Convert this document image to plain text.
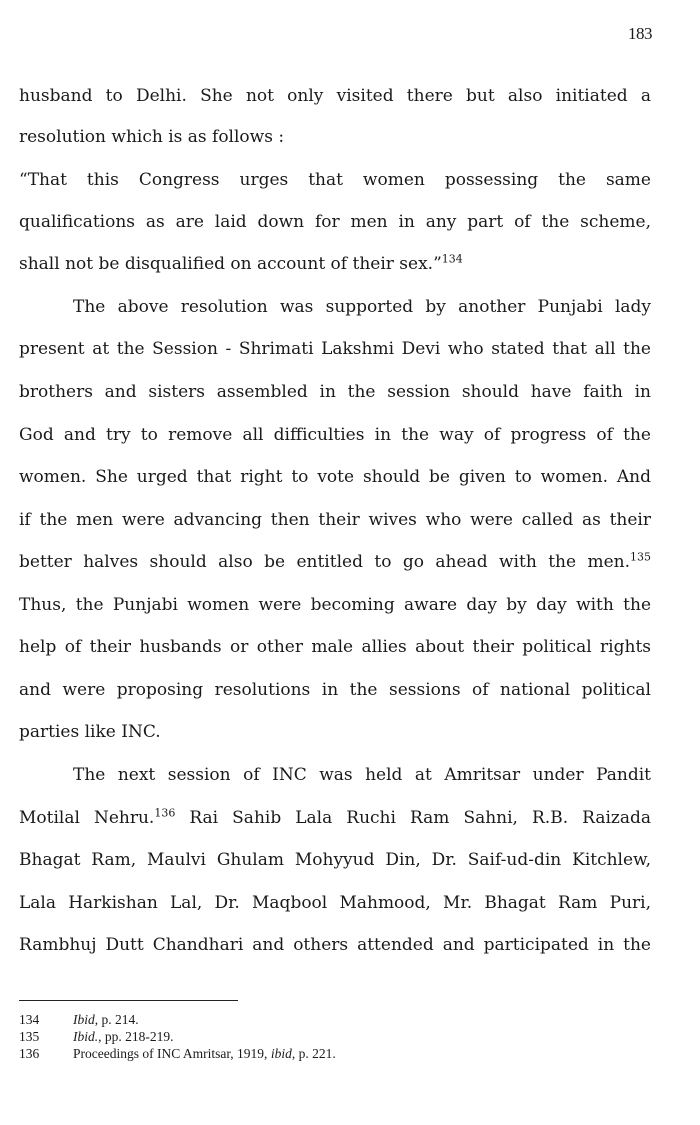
183
husband to Delhi. She not only visited there but also initiated a
resolution which is as follows :
“That this Congress urges that women possessing the same
qualifications as are laid down for men in any part of the scheme,
shall not be disqualified on account of their sex.”$^{134}$
The above resolution was supported by another Punjabi lady
present at the Session - Shrimati Lakshmi Devi who stated that all the
brothers and sisters assembled in the session should have faith in
God and try to remove all difficulties in the way of progress of the
women. She urged that right to vote should be given to women. And
if the men were advancing then their wives who were called as their
better halves should also be entitled to go ahead with the men.$^{135}$
Thus, the Punjabi women were becoming aware day by day with the
help of their husbands or other male allies about their political rights
and were proposing resolutions in the sessions of national political
parties like INC.
The next session of INC was held at Amritsar under Pandit
Motilal Nehru.$^{136}$ Rai Sahib Lala Ruchi Ram Sahni, R.B. Raizada
Bhagat Ram, Maulvi Ghulam Mohyyud Din, Dr. Saif-ud-din Kitchlew,
Lala Harkishan Lal, Dr. Maqbool Mahmood, Mr. Bhagat Ram Puri,
Rambhuj Dutt Chandhari and others attended and participated in the
134	Ibid, p. 214.
135	Ibid., pp. 218-219.
136	Proceedings of INC Amritsar, 1919, ibid, p. 221.
